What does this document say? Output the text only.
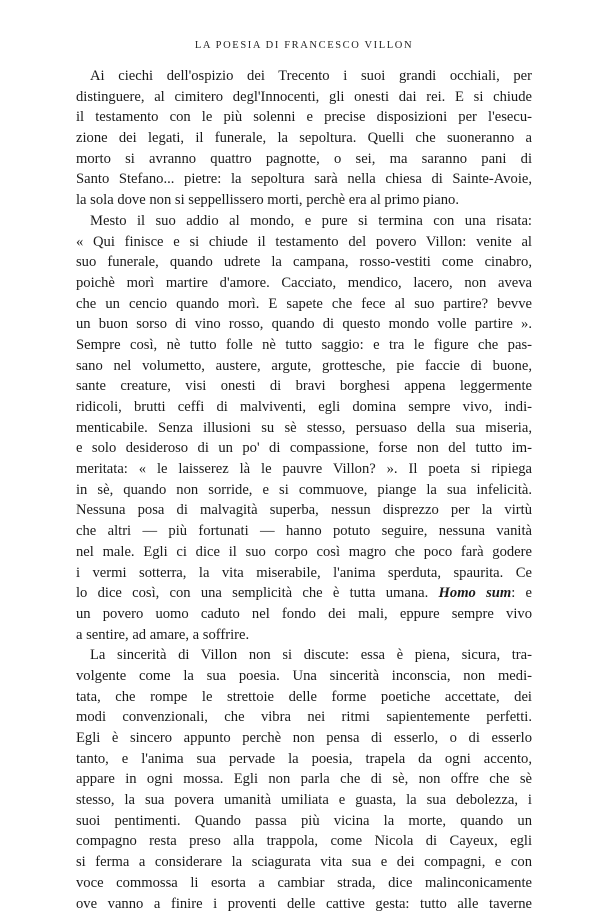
LA POESIA DI FRANCESCO VILLON
Ai ciechi dell'ospizio dei Trecento i suoi grandi occhiali, per
distinguere, al cimitero degl'Innocenti, gli onesti dai rei. E si chiude
il testamento con le più solenni e precise disposizioni per l'esecu-
zione dei legati, il funerale, la sepoltura. Quelli che suoneranno a
morto si avranno quattro pagnotte, o sei, ma saranno pani di
Santo Stefano... pietre: la sepoltura sarà nella chiesa di Sainte-Avoie,
la sola dove non si seppellissero morti, perchè era al primo piano.
Mesto il suo addio al mondo, e pure si termina con una risata:
« Qui finisce e si chiude il testamento del povero Villon: venite al
suo funerale, quando udrete la campana, rosso-vestiti come cinabro,
poichè morì martire d'amore. Cacciato, mendico, lacero, non aveva
che un cencio quando morì. E sapete che fece al suo partire? bevve
un buon sorso di vino rosso, quando di questo mondo volle partire ».
Sempre così, nè tutto folle nè tutto saggio: e tra le figure che pas-
sano nel volumetto, austere, argute, grottesche, pie faccie di buone,
sante creature, visi onesti di bravi borghesi appena leggermente
ridicoli, brutti ceffi di malviventi, egli domina sempre vivo, indi-
menticabile. Senza illusioni su sè stesso, persuaso della sua miseria,
e solo desideroso di un po' di compassione, forse non del tutto im-
meritata: « le laisserez là le pauvre Villon? ». Il poeta si ripiega
in sè, quando non sorride, e si commuove, piange la sua infelicità.
Nessuna posa di malvagità superba, nessun disprezzo per la virtù
che altri — più fortunati — hanno potuto seguire, nessuna vanità
nel male. Egli ci dice il suo corpo così magro che poco farà godere
i vermi sotterra, la vita miserabile, l'anima sperduta, spaurita. Ce
lo dice così, con una semplicità che è tutta umana. Homo sum: e
un povero uomo caduto nel fondo dei mali, eppure sempre vivo
a sentire, ad amare, a soffrire.
La sincerità di Villon non si discute: essa è piena, sicura, tra-
volgente come la sua poesia. Una sincerità inconscia, non medi-
tata, che rompe le strettoie delle forme poetiche accettate, dei
modi convenzionali, che vibra nei ritmi sapientemente perfetti.
Egli è sincero appunto perchè non pensa di esserlo, o di esserlo
tanto, e l'anima sua pervade la poesia, trapela da ogni accento,
appare in ogni mossa. Egli non parla che di sè, non offre che sè
stesso, la sua povera umanità umiliata e guasta, la sua debolezza, i
suoi pentimenti. Quando passa più vicina la morte, quando un
compagno resta preso alla trappola, come Nicola di Cayeux, egli
si ferma a considerare la sciagurata vita sua e dei compagni, e con
voce commossa li esorta a cambiar strada, dice malinconicamente
ove vanno a finire i proventi delle cattive gesta: tutto alle taverne
